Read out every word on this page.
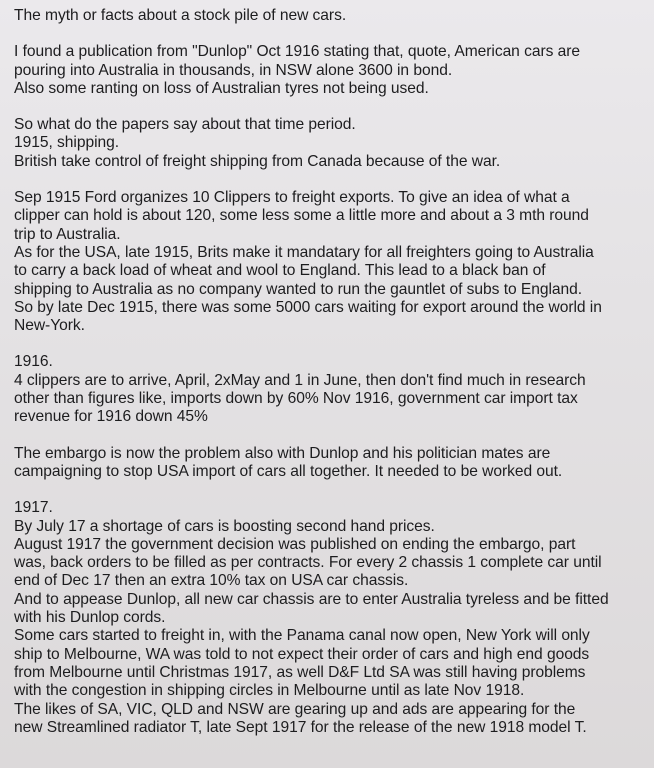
The myth or facts about a stock pile of new cars.
I found a publication from "Dunlop" Oct 1916 stating that, quote, American cars are
pouring into Australia in thousands, in NSW alone 3600 in bond.
Also some ranting on loss of Australian tyres not being used.
So what do the papers say about that time period.
1915, shipping.
British take control of freight shipping from Canada because of the war.
Sep 1915 Ford organizes 10 Clippers to freight exports. To give an idea of what a
clipper can hold is about 120, some less some a little more and about a 3 mth round
trip to Australia.
As for the USA, late 1915, Brits make it mandatary for all freighters going to Australia
to carry a back load of wheat and wool to England. This lead to a black ban of
shipping to Australia as no company wanted to run the gauntlet of subs to England.
So by late Dec 1915, there was some 5000 cars waiting for export around the world in
New-York.
1916.
4 clippers are to arrive, April, 2xMay and 1 in June, then don't find much in research
other than figures like, imports down by 60% Nov 1916, government car import tax
revenue for 1916 down 45%
The embargo is now the problem also with Dunlop and his politician mates are
campaigning to stop USA import of cars all together. It needed to be worked out.
1917.
By July 17 a shortage of cars is boosting second hand prices.
August 1917 the government decision was published on ending the embargo, part
was, back orders to be filled as per contracts. For every 2 chassis 1 complete car until
end of Dec 17 then an extra 10% tax on USA car chassis.
And to appease Dunlop, all new car chassis are to enter Australia tyreless and be fitted
with his Dunlop cords.
Some cars started to freight in, with the Panama canal now open, New York will only
ship to Melbourne, WA was told to not expect their order of cars and high end goods
from Melbourne until Christmas 1917, as well D&F Ltd SA was still having problems
with the congestion in shipping circles in Melbourne until as late Nov 1918.
The likes of SA, VIC, QLD and NSW are gearing up and ads are appearing for the
new Streamlined radiator T, late Sept 1917 for the release of the new 1918 model T.
